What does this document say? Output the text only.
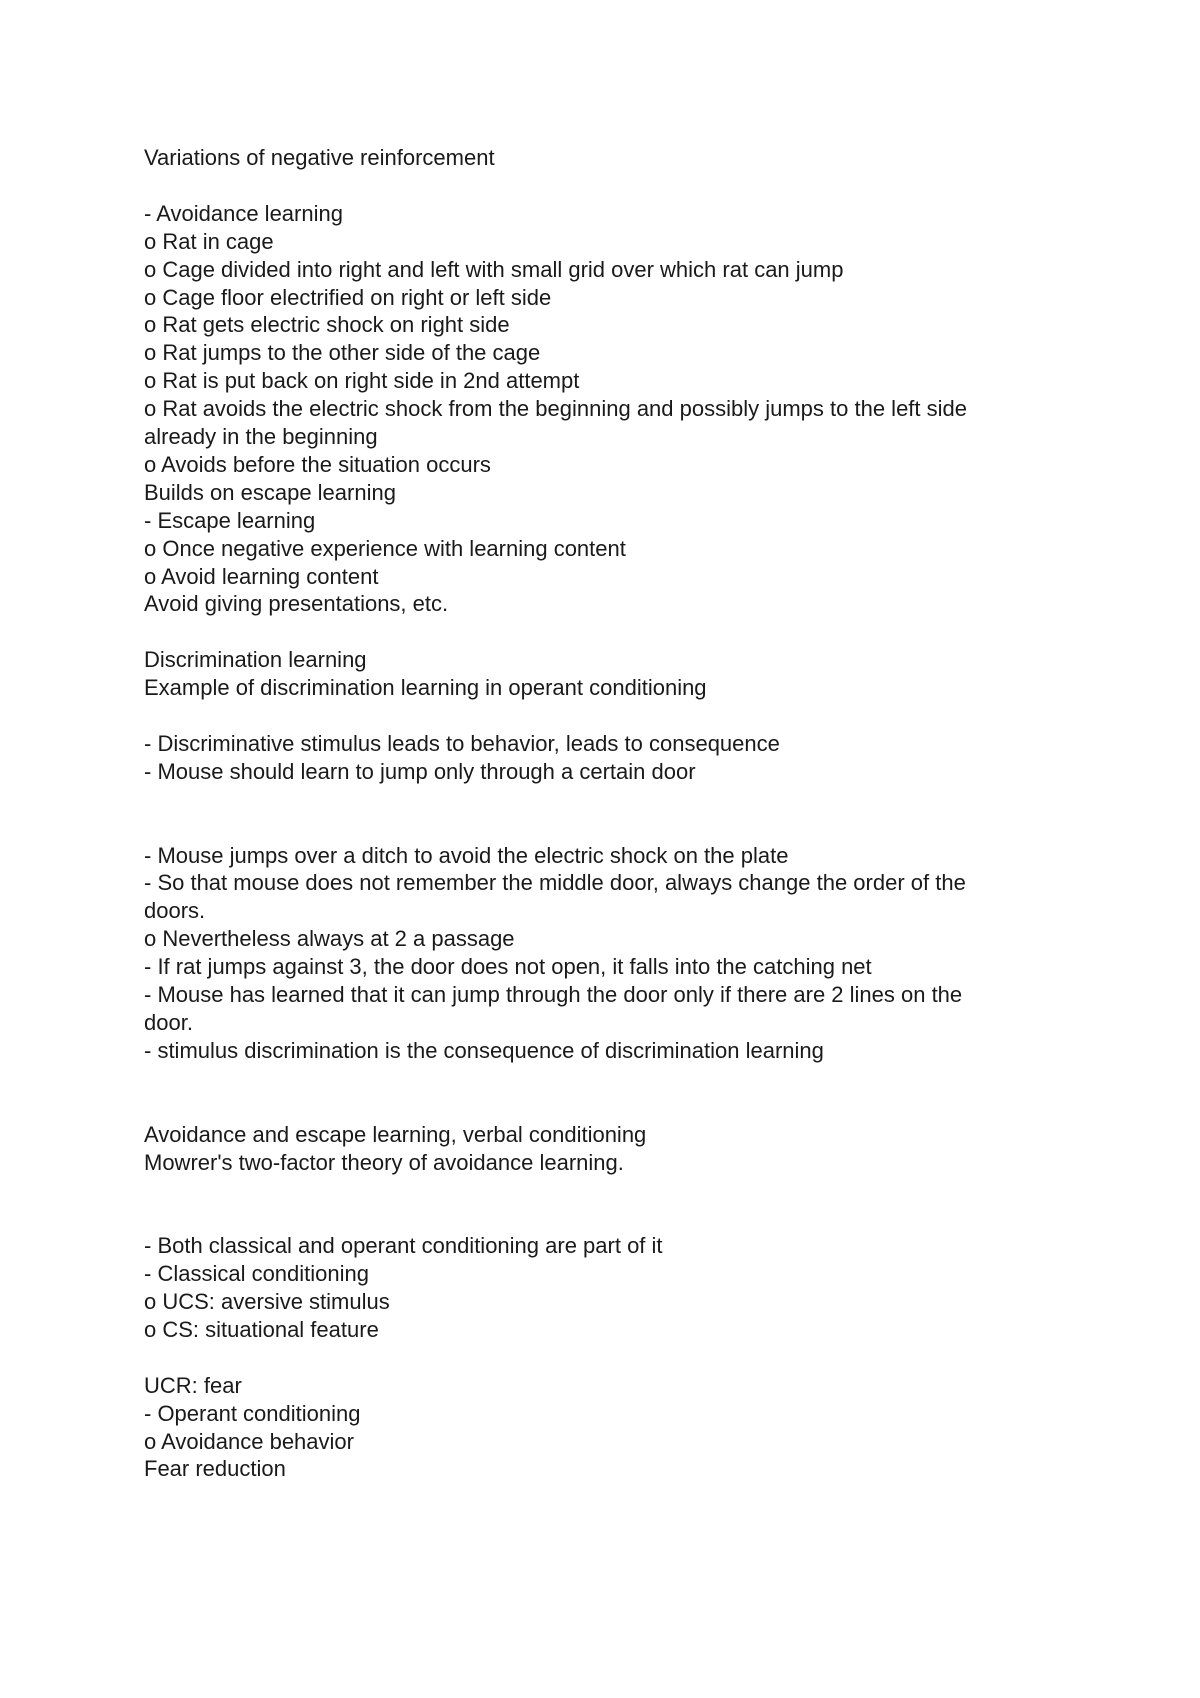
Variations of negative reinforcement

- Avoidance learning

o Rat in cage

o Cage divided into right and left with small grid over which rat can jump

o Cage floor electrified on right or left side

o Rat gets electric shock on right side

o Rat jumps to the other side of the cage

o Rat is put back on right side in 2nd attempt

o Rat avoids the electric shock from the beginning and possibly jumps to the left side

already in the beginning

o Avoids before the situation occurs

Builds on escape learning

- Escape learning

o Once negative experience with learning content

o Avoid learning content

Avoid giving presentations, etc.

Discrimination learning

Example of discrimination learning in operant conditioning

- Discriminative stimulus leads to behavior, leads to consequence

- Mouse should learn to jump only through a certain door

- Mouse jumps over a ditch to avoid the electric shock on the plate

- So that mouse does not remember the middle door, always change the order of the

doors.

o Nevertheless always at 2 a passage

- If rat jumps against 3, the door does not open, it falls into the catching net

- Mouse has learned that it can jump through the door only if there are 2 lines on the

door.

- stimulus discrimination is the consequence of discrimination learning

Avoidance and escape learning, verbal conditioning

Mowrer's two-factor theory of avoidance learning.

- Both classical and operant conditioning are part of it

- Classical conditioning

o UCS: aversive stimulus

o CS: situational feature

UCR: fear

- Operant conditioning

o Avoidance behavior

Fear reduction
